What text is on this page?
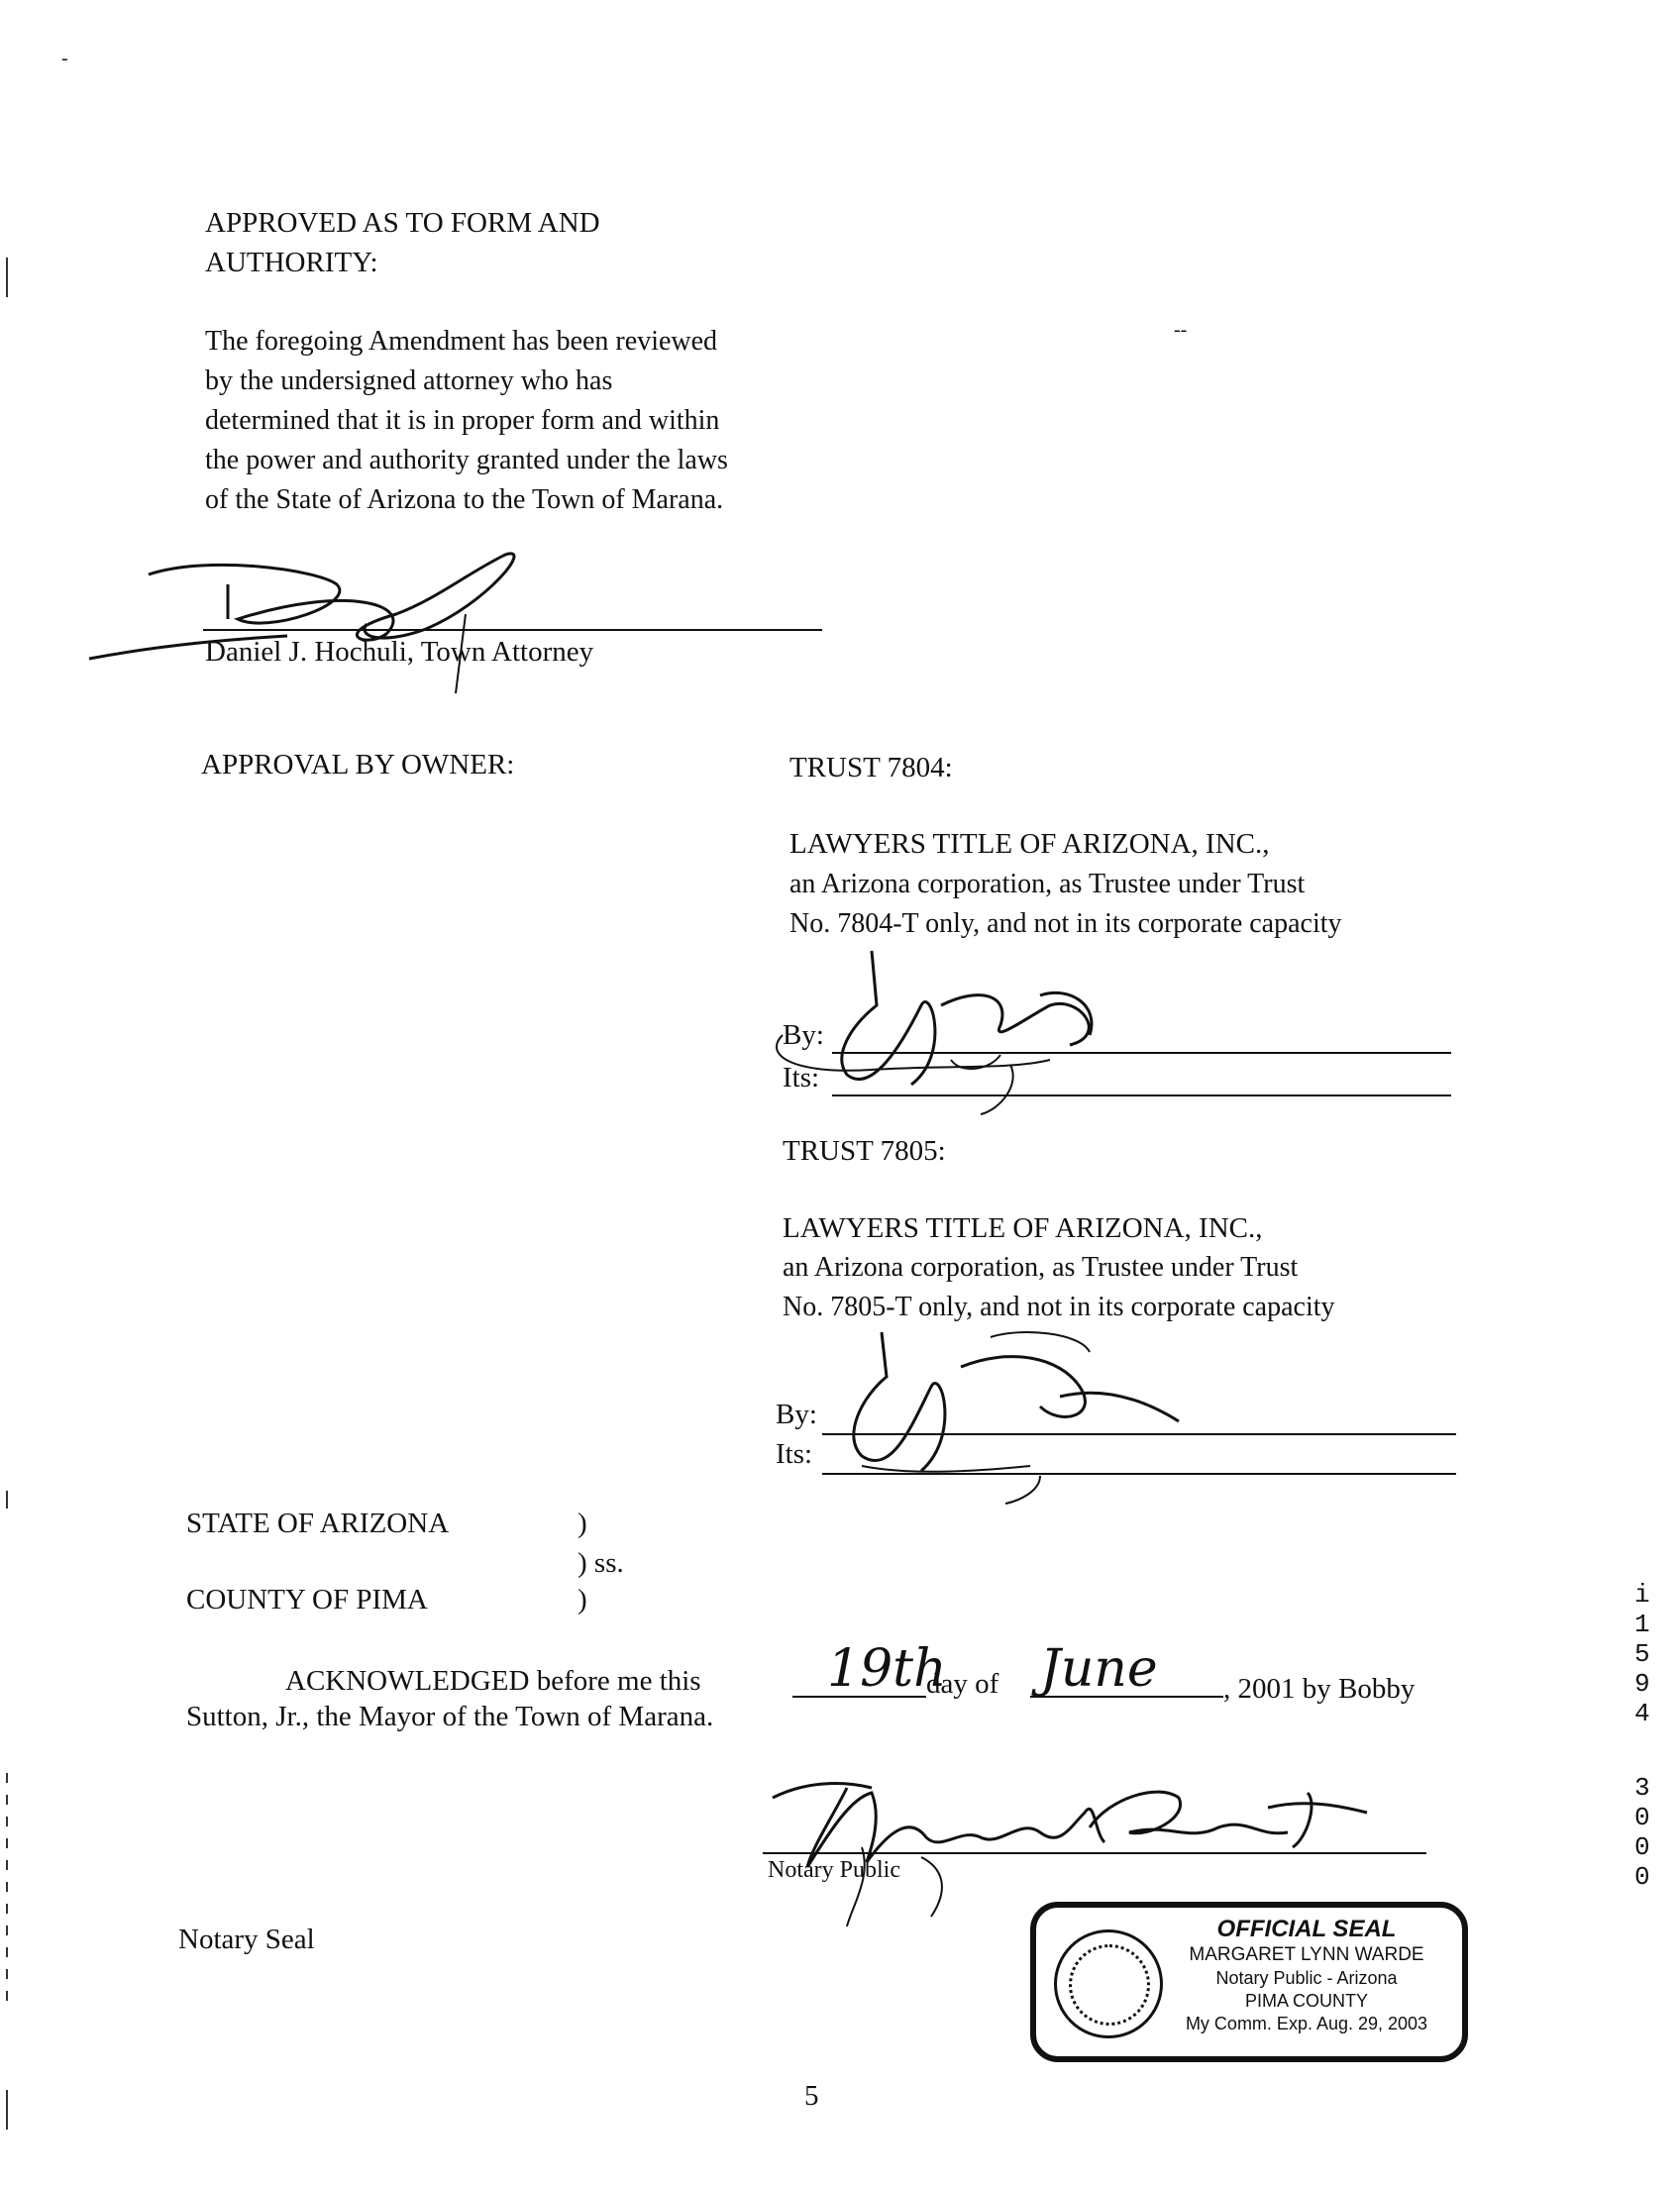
APPROVED AS TO FORM AND
AUTHORITY:
The foregoing Amendment has been reviewed
by the undersigned attorney who has
determined that it is in proper form and within
the power and authority granted under the laws
of the State of Arizona to the Town of Marana.
--
Daniel J. Hochuli, Town Attorney
APPROVAL BY OWNER:	TRUST 7804:
LAWYERS TITLE OF ARIZONA, INC.,
an Arizona corporation, as Trustee under Trust
No. 7804-T only, and not in its corporate capacity
By:
Its:
TRUST 7805:
LAWYERS TITLE OF ARIZONA, INC.,
an Arizona corporation, as Trustee under Trust
No. 7805-T only, and not in its corporate capacity
By:
Its:
STATE OF ARIZONA	)
) ss.
COUNTY OF PIMA	)
ACKNOWLEDGED before me this 19th
day of June , 2001 by Bobby
Sutton, Jr., the Mayor of the Town of Marana.
Notary Public
Notary Seal	OFFICIAL SEAL
MARGARET LYNN WARDE
Notary Public - Arizona
PIMA COUNTY
My Comm. Exp. Aug. 29, 2003
5
i
1
5
9
4
3
0
0
0
-
